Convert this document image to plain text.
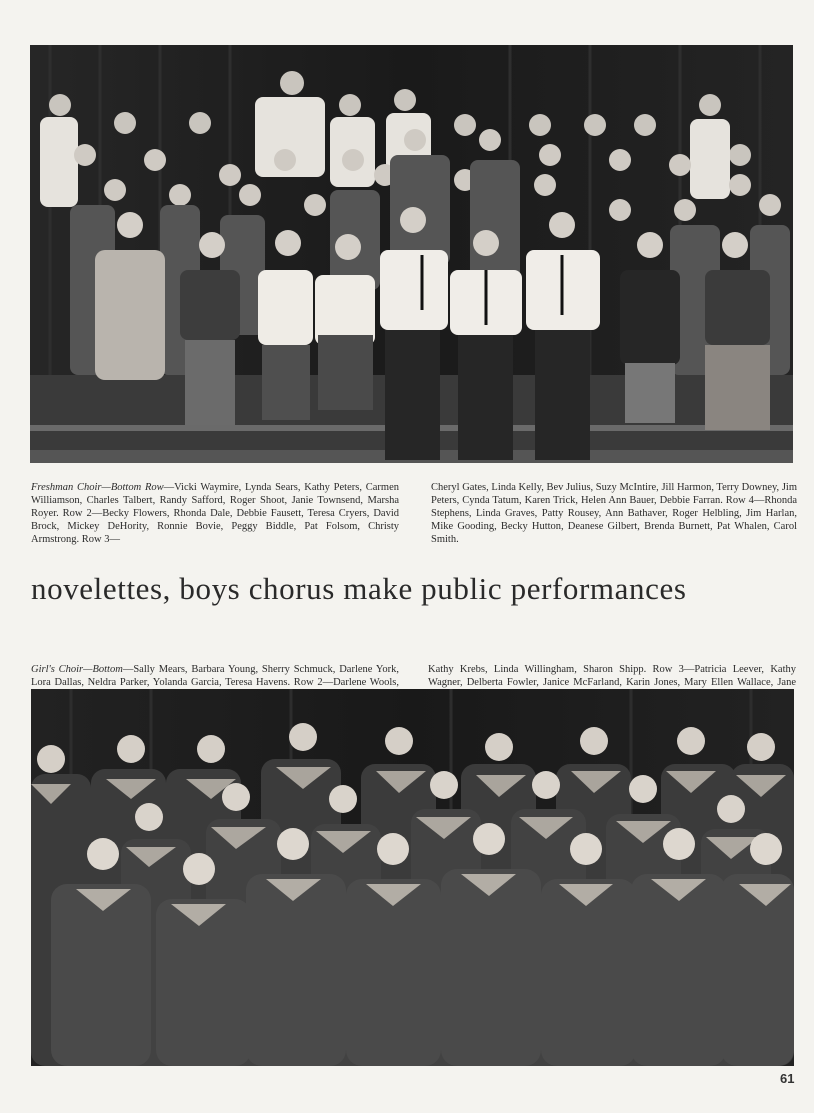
Freshman Choir—Bottom Row—Vicki Waymire, Lynda Sears, Kathy Peters, Carmen Williamson, Charles Talbert, Randy Safford, Roger Shoot, Janie Townsend, Marsha Royer. Row 2—Becky Flowers, Rhonda Dale, Debbie Fausett, Teresa Cryers, David Brock, Mickey DeHority, Ronnie Bovie, Peggy Biddle, Pat Folsom, Christy Armstrong. Row 3—

Cheryl Gates, Linda Kelly, Bev Julius, Suzy McIntire, Jill Harmon, Terry Downey, Jim Peters, Cynda Tatum, Karen Trick, Helen Ann Bauer, Debbie Farran. Row 4—Rhonda Stephens, Linda Graves, Patty Rousey, Ann Bathaver, Roger Helbling, Jim Harlan, Mike Gooding, Becky Hutton, Deanese Gilbert, Brenda Burnett, Pat Whalen, Carol Smith.

novelettes, boys chorus make public performances

Girl's Choir—Bottom—Sally Mears, Barbara Young, Sherry Schmuck, Darlene York, Lora Dallas, Neldra Parker, Yolanda Garcia, Teresa Havens. Row 2—Darlene Wools,

Kathy Krebs, Linda Willingham, Sharon Shipp. Row 3—Patricia Leever, Kathy Wagner, Delberta Fowler, Janice McFarland, Karin Jones, Mary Ellen Wallace, Jane

61
